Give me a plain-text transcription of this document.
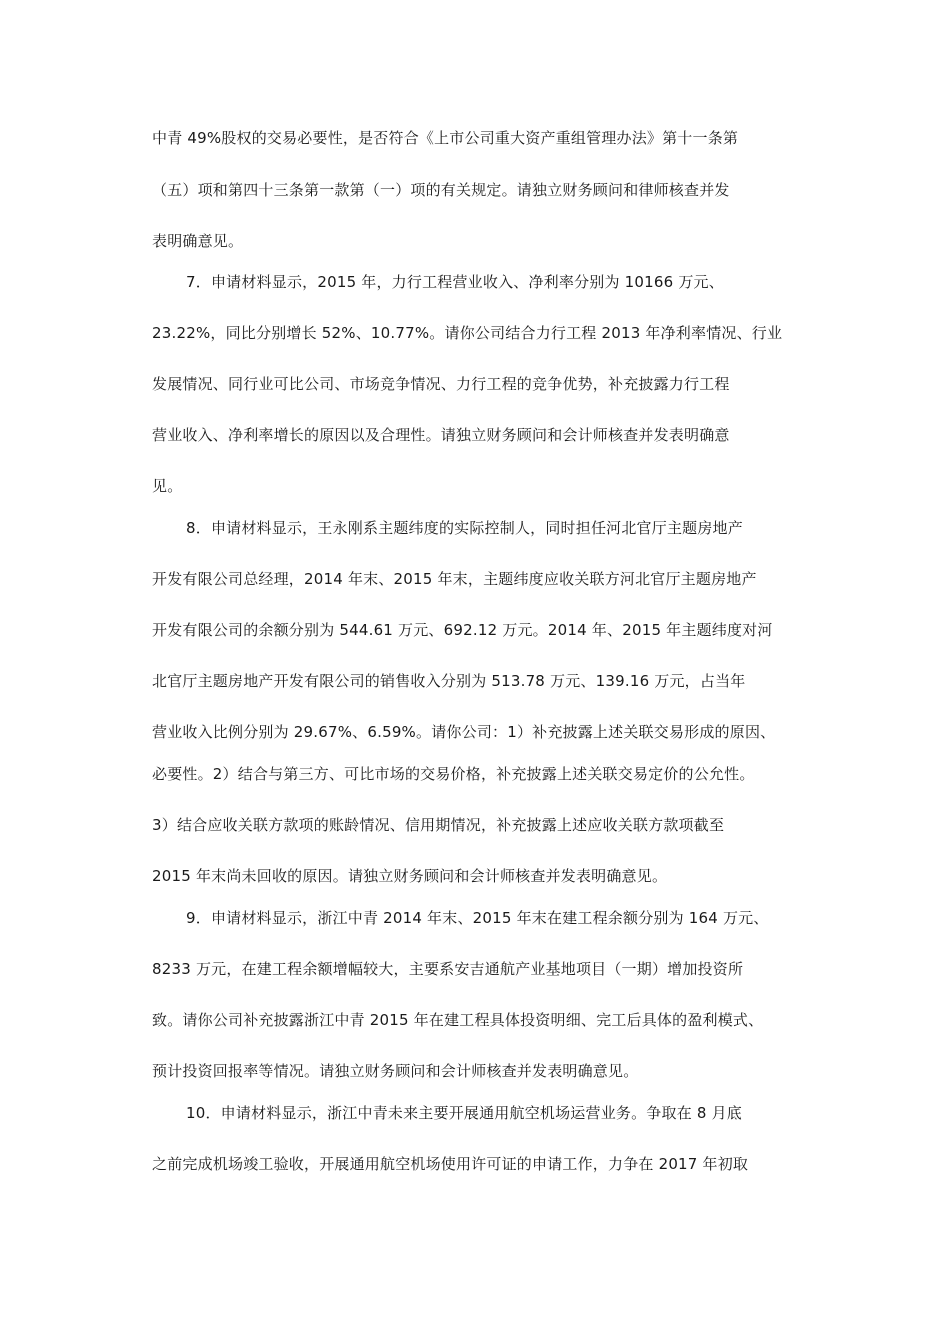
中青 49%股权的交易必要性，是否符合《上市公司重大资产重组管理办法》第十一条第
（五）项和第四十三条第一款第（一）项的有关规定。请独立财务顾问和律师核查并发
表明确意见。
7．申请材料显示，2015 年，力行工程营业收入、净利率分别为 10166 万元、
23.22%，同比分别增长 52%、10.77%。请你公司结合力行工程 2013 年净利率情况、行业
发展情况、同行业可比公司、市场竞争情况、力行工程的竞争优势，补充披露力行工程
营业收入、净利率增长的原因以及合理性。请独立财务顾问和会计师核查并发表明确意
见。
8．申请材料显示，王永刚系主题纬度的实际控制人，同时担任河北官厅主题房地产
开发有限公司总经理，2014 年末、2015 年末，主题纬度应收关联方河北官厅主题房地产
开发有限公司的余额分别为 544.61 万元、692.12 万元。2014 年、2015 年主题纬度对河
北官厅主题房地产开发有限公司的销售收入分别为 513.78 万元、139.16 万元，占当年
营业收入比例分别为 29.67%、6.59%。请你公司：1）补充披露上述关联交易形成的原因、
必要性。2）结合与第三方、可比市场的交易价格，补充披露上述关联交易定价的公允性。
3）结合应收关联方款项的账龄情况、信用期情况，补充披露上述应收关联方款项截至
2015 年末尚未回收的原因。请独立财务顾问和会计师核查并发表明确意见。
9．申请材料显示，浙江中青 2014 年末、2015 年末在建工程余额分别为 164 万元、
8233 万元，在建工程余额增幅较大，主要系安吉通航产业基地项目（一期）增加投资所
致。请你公司补充披露浙江中青 2015 年在建工程具体投资明细、完工后具体的盈利模式、
预计投资回报率等情况。请独立财务顾问和会计师核查并发表明确意见。
10．申请材料显示，浙江中青未来主要开展通用航空机场运营业务。争取在 8 月底
之前完成机场竣工验收，开展通用航空机场使用许可证的申请工作，力争在 2017 年初取
